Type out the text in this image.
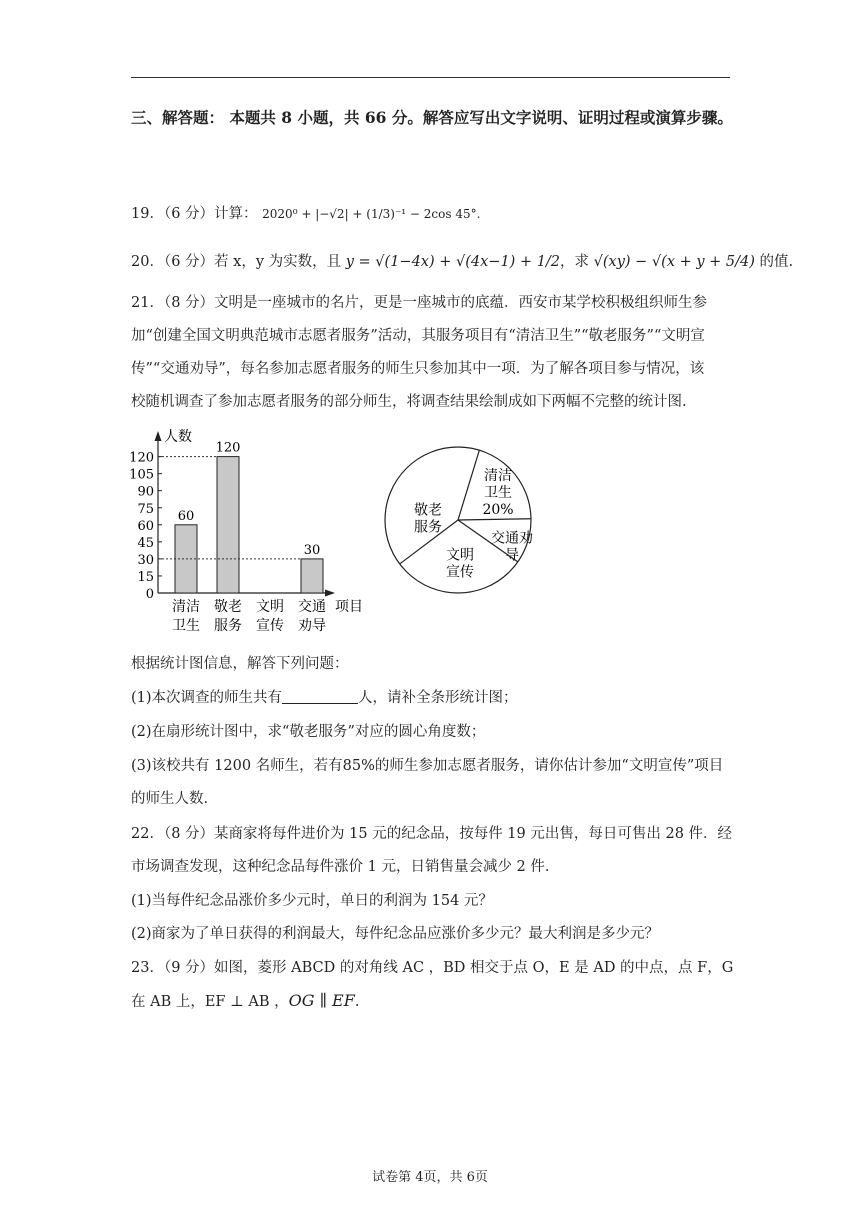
三、解答题： 本题共 8 小题，共 66 分。解答应写出文字说明、证明过程或演算步骤。
19．（6 分）计算： 2020⁰ + |−√2| + (1/3)⁻¹ − 2cos 45°.
20．（6 分）若 x，y 为实数，且 y = √(1−4x) + √(4x−1) + 1/2，求 √(xy) − √(x + y + 5/4) 的值.
21．（8 分）文明是一座城市的名片，更是一座城市的底蕴．西安市某学校积极组织师生参
加“创建全国文明典范城市志愿者服务”活动，其服务项目有“清洁卫生”“敬老服务”“文明宣
传”“交通劝导”，每名参加志愿者服务的师生只参加其中一项．为了解各项目参与情况，该
校随机调查了参加志愿者服务的部分师生，将调查结果绘制成如下两幅不完整的统计图.
人数
项目
0
15
30
45
60
75
90
105
120
60
清洁
卫生
120
敬老
服务
文明
宣传
30
交通
劝导
清洁
卫生
20%
交通劝
导
文明
宣传
敬老
服务
根据统计图信息，解答下列问题：
(1)本次调查的师生共有	人，请补全条形统计图；
(2)在扇形统计图中，求“敬老服务”对应的圆心角度数；
(3)该校共有 1200 名师生，若有85%的师生参加志愿者服务，请你估计参加“文明宣传”项目
的师生人数.
22．（8 分）某商家将每件进价为 15 元的纪念品，按每件 19 元出售，每日可售出 28 件．经
市场调查发现，这种纪念品每件涨价 1 元，日销售量会减少 2 件.
(1)当每件纪念品涨价多少元时，单日的利润为 154 元？
(2)商家为了单日获得的利润最大，每件纪念品应涨价多少元？最大利润是多少元？
23．（9 分）如图，菱形 ABCD 的对角线 AC ，BD 相交于点 O，E 是 AD 的中点，点 F，G
在 AB 上，EF ⊥ AB ，OG ∥ EF.
试卷第 4页，共 6页
